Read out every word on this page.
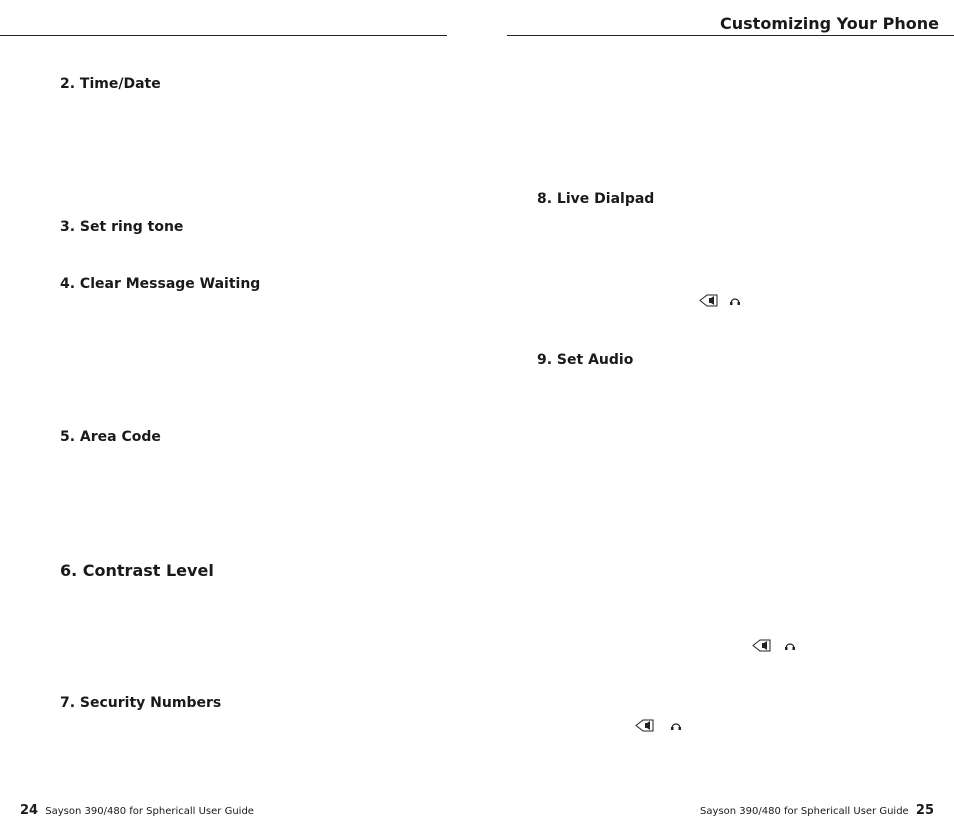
Customizing Your Phone
2. Time/Date
3. Set ring tone
4. Clear Message Waiting
5. Area Code
6. Contrast Level
7. Security Numbers
8. Live Dialpad
9. Set Audio
24 Sayson 390/480 for Sphericall User Guide	Sayson 390/480 for Sphericall User Guide 25
